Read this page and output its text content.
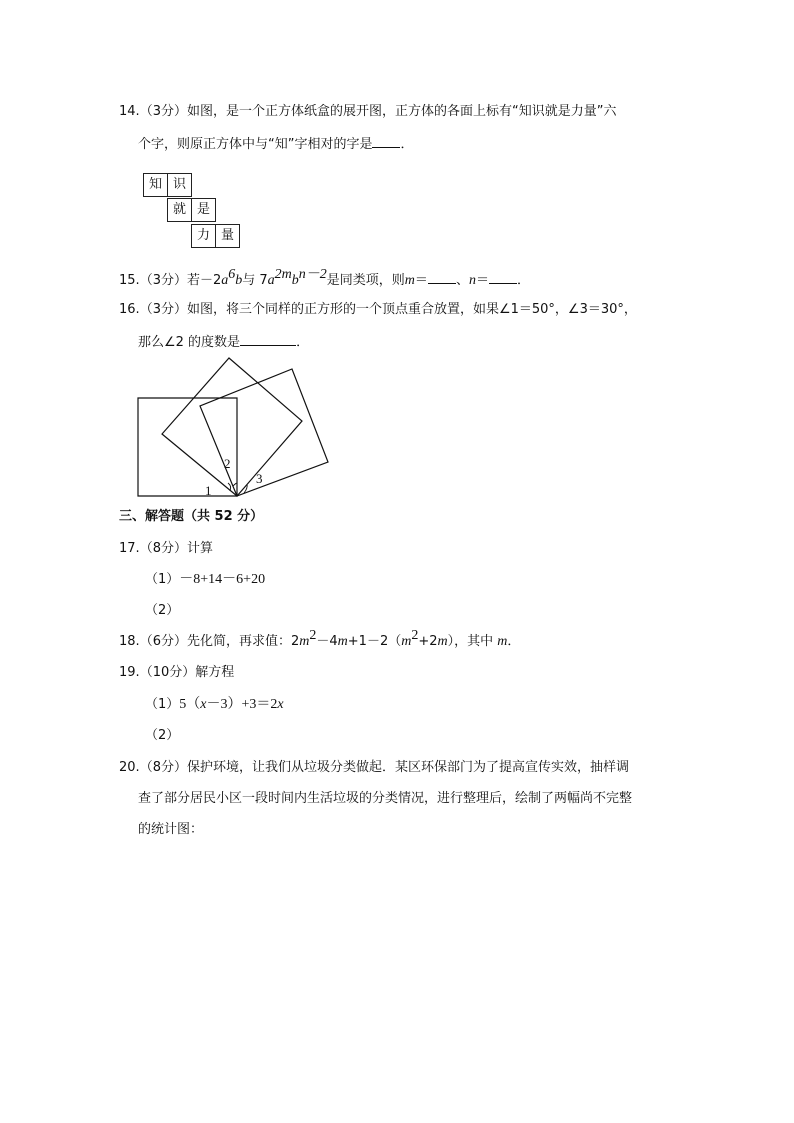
14.（3分）如图，是一个正方体纸盒的展开图，正方体的各面上标有“知识就是力量”六
个字，则原正方体中与“知”字相对的字是 ．
知 识
就 是
力 量
15.（3分）若$-2a^6b$与 $7a^{2m}b^{n-2}$是同类项，则m＝ 、n＝ ．
16.（3分）如图，将三个同样的正方形的一个顶点重合放置，如果∠1＝50°，∠3＝30°，
那么∠2 的度数是	．
1
2
3
三、解答题（共 52 分）
17.（8分）计算
（1）－8+14－6+20
（2）
18.（6分）先化简，再求值：$2m^2-4m+1-2(m^2+2m)$，其中 m．
19.（10分）解方程
（1）5（x－3）+3＝2x
（2）
20.（8分）保护环境，让我们从垃圾分类做起．某区环保部门为了提高宣传实效，抽样调
查了部分居民小区一段时间内生活垃圾的分类情况，进行整理后，绘制了两幅尚不完整
的统计图：
